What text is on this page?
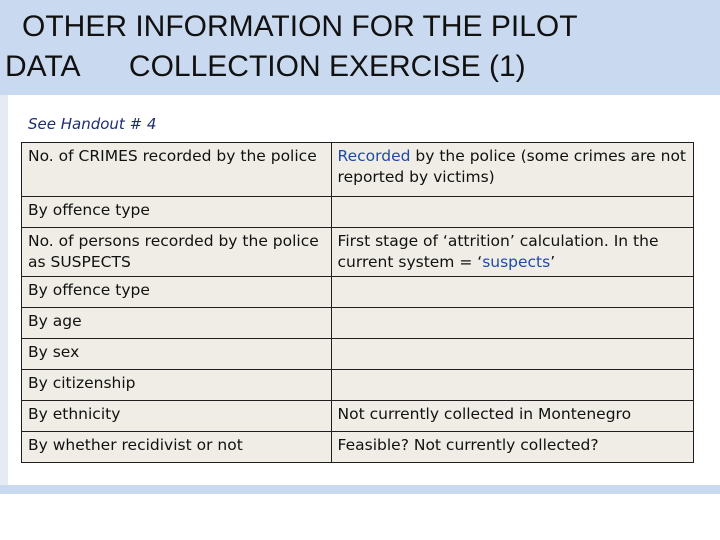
OTHER INFORMATION FOR THE PILOT
DATA      COLLECTION EXERCISE (1)
See Handout # 4
No. of CRIMES recorded by the police	Recorded by the police (some crimes are not reported by victims)
By offence type	
No. of persons recorded by the police as SUSPECTS	First stage of ‘attrition’ calculation. In the current system = ‘suspects’
By offence type	
By age	
By sex	
By citizenship	
By ethnicity	Not currently collected in Montenegro
By whether recidivist or not	Feasible? Not currently collected?
